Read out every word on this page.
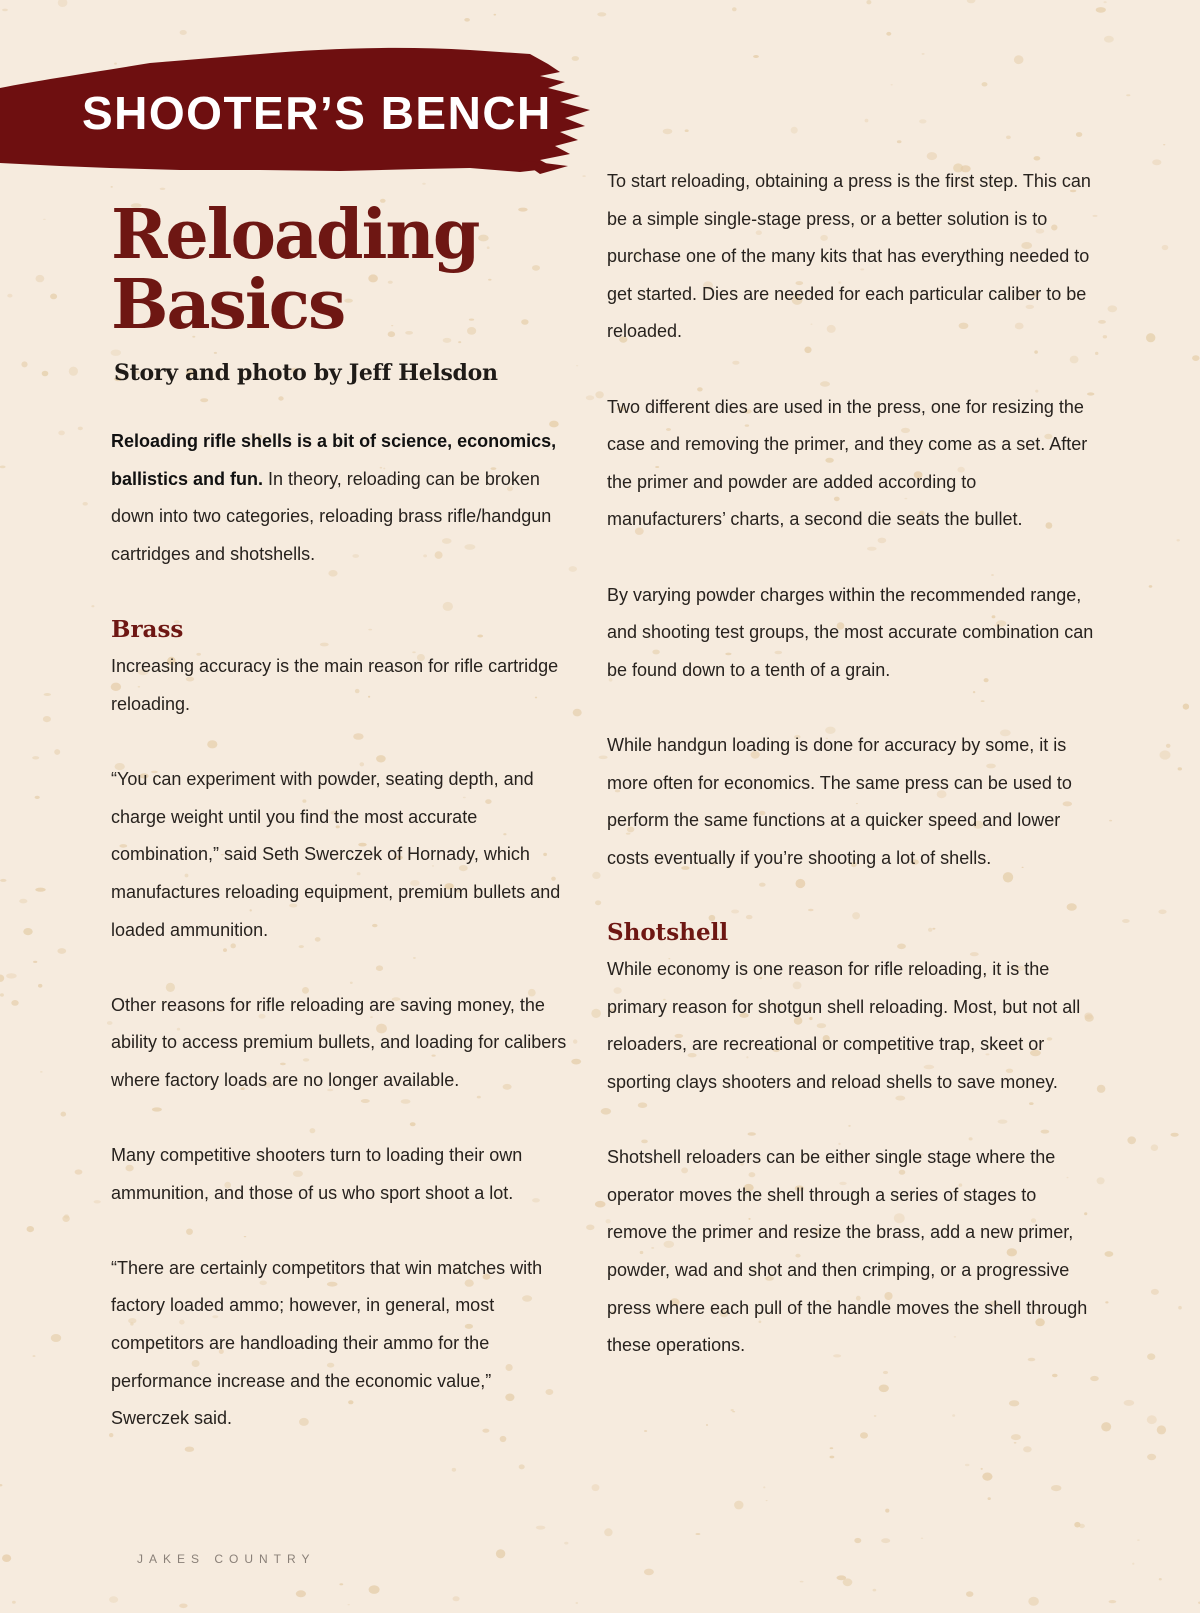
SHOOTER’S BENCH
Reloading
Basics

Story and photo by Jeff Helsdon

Reloading rifle shells is a bit of science, economics, ballistics and fun. In theory, reloading can be broken down into two categories, reloading brass rifle/handgun cartridges and shotshells.

Brass

Increasing accuracy is the main reason for rifle cartridge reloading.

“You can experiment with powder, seating depth, and charge weight until you find the most accurate combination,” said Seth Swerczek of Hornady, which manufactures reloading equipment, premium bullets and loaded ammunition.

Other reasons for rifle reloading are saving money, the ability to access premium bullets, and loading for calibers where factory loads are no longer available.

Many competitive shooters turn to loading their own ammunition, and those of us who sport shoot a lot.

“There are certainly competitors that win matches with factory loaded ammo; however, in general, most competitors are handloading their ammo for the performance increase and the economic value,” Swerczek said.

To start reloading, obtaining a press is the first step. This can be a simple single-stage press, or a better solution is to purchase one of the many kits that has everything needed to get started. Dies are needed for each particular caliber to be reloaded.

Two different dies are used in the press, one for resizing the case and removing the primer, and they come as a set. After the primer and powder are added according to manufacturers’ charts, a second die seats the bullet.

By varying powder charges within the recommended range, and shooting test groups, the most accurate combination can be found down to a tenth of a grain.

While handgun loading is done for accuracy by some, it is more often for economics. The same press can be used to perform the same functions at a quicker speed and lower costs eventually if you’re shooting a lot of shells.

Shotshell

While economy is one reason for rifle reloading, it is the primary reason for shotgun shell reloading. Most, but not all reloaders, are recreational or competitive trap, skeet or sporting clays shooters and reload shells to save money.

Shotshell reloaders can be either single stage where the operator moves the shell through a series of stages to remove the primer and resize the brass, add a new primer, powder, wad and shot and then crimping, or a progressive press where each pull of the handle moves the shell through these operations.

JAKES COUNTRY
